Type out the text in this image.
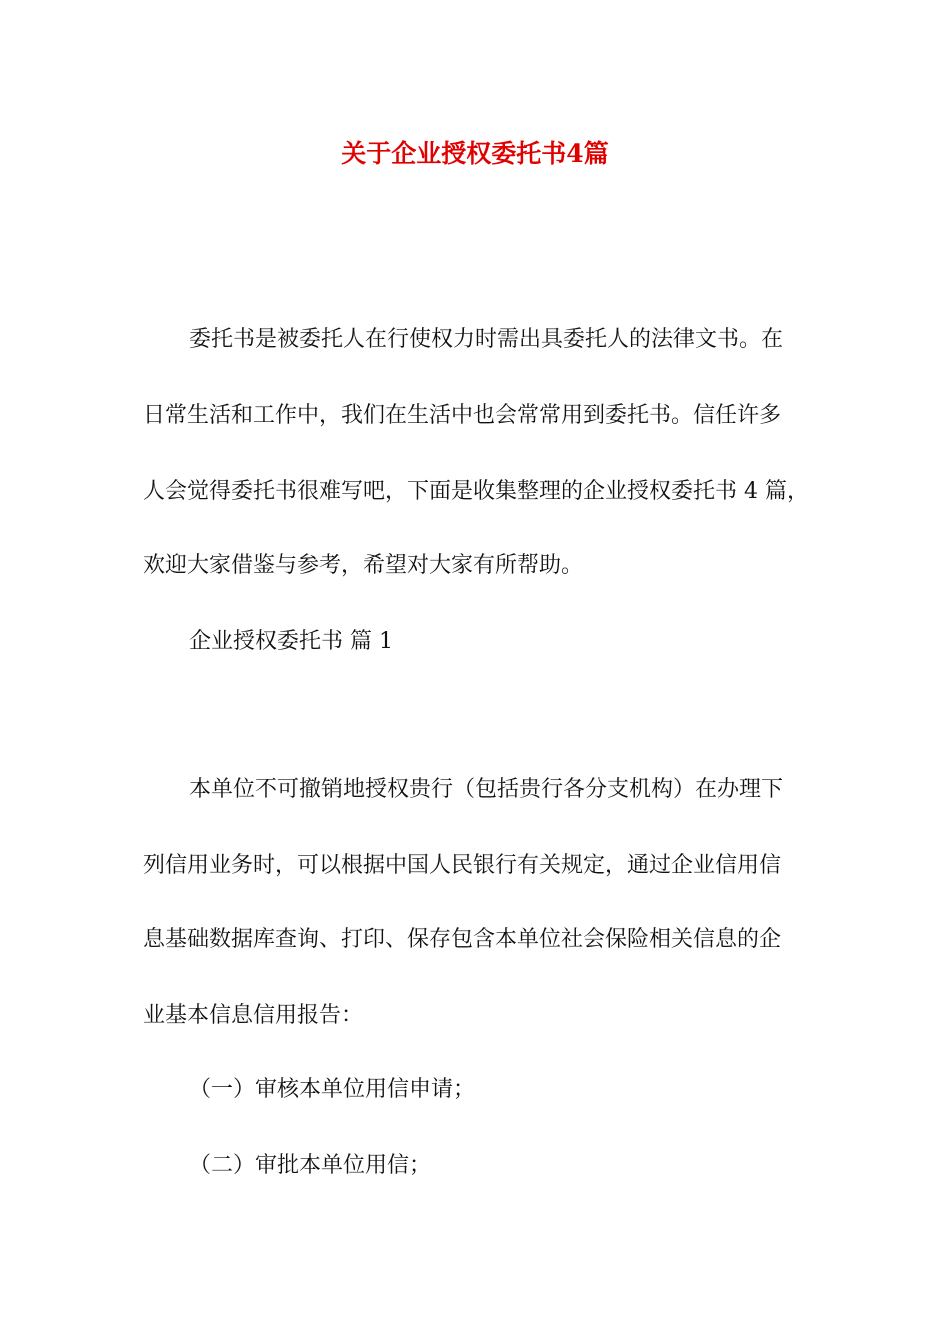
关于企业授权委托书4篇
委托书是被委托人在行使权力时需出具委托人的法律文书。在
日常生活和工作中，我们在生活中也会常常用到委托书。信任许多
人会觉得委托书很难写吧，下面是收集整理的企业授权委托书 4 篇，
欢迎大家借鉴与参考，希望对大家有所帮助。
企业授权委托书 篇 1
本单位不可撤销地授权贵行（包括贵行各分支机构）在办理下
列信用业务时，可以根据中国人民银行有关规定，通过企业信用信
息基础数据库查询、打印、保存包含本单位社会保险相关信息的企
业基本信息信用报告：
（一）审核本单位用信申请；
（二）审批本单位用信；
